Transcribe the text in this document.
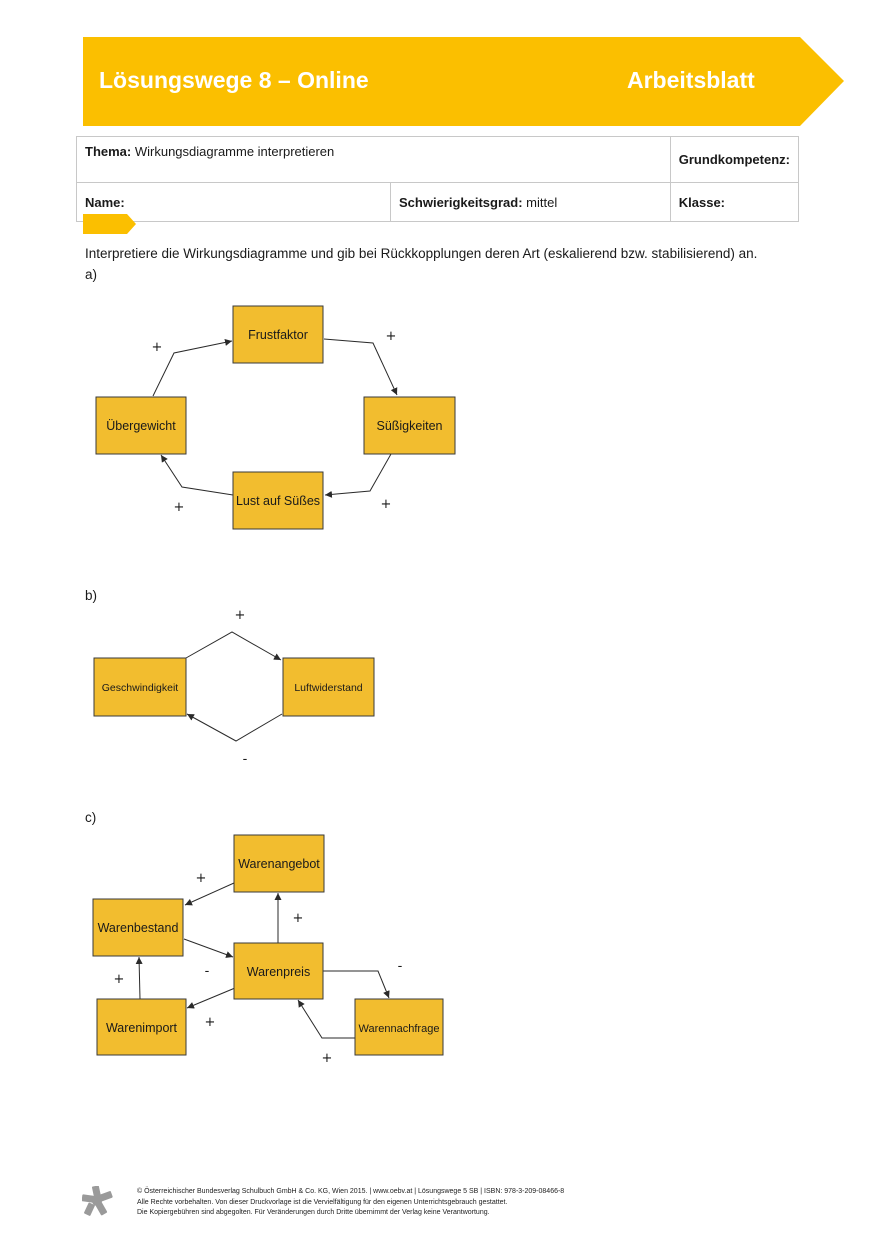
Lösungswege 8 – Online	Arbeitsblatt
Thema: Wirkungsdiagramme interpretieren		Grundkompetenz:
Name:	Schwierigkeitsgrad: mittel	Klasse:
Interpretiere die Wirkungsdiagramme und gib bei Rückkopplungen deren Art (eskalierend bzw. stabilisierend) an.
a)
b)
c)
Frustfaktor
Süßigkeiten
Lust auf Süßes
Übergewicht
+
+
+
+
Geschwindigkeit	Luftwiderstand
+
-
Warenangebot
Warenbestand
Warenpreis
Warenimport	Warennachfrage
+
+
-
+
+
-
+
© Österreichischer Bundesverlag Schulbuch GmbH & Co. KG, Wien 2015. | www.oebv.at | Lösungswege 5 SB | ISBN: 978-3-209-08466-8
Alle Rechte vorbehalten. Von dieser Druckvorlage ist die Vervielfältigung für den eigenen Unterrichtsgebrauch gestattet.
Die Kopiergebühren sind abgegolten. Für Veränderungen durch Dritte übernimmt der Verlag keine Verantwortung.
